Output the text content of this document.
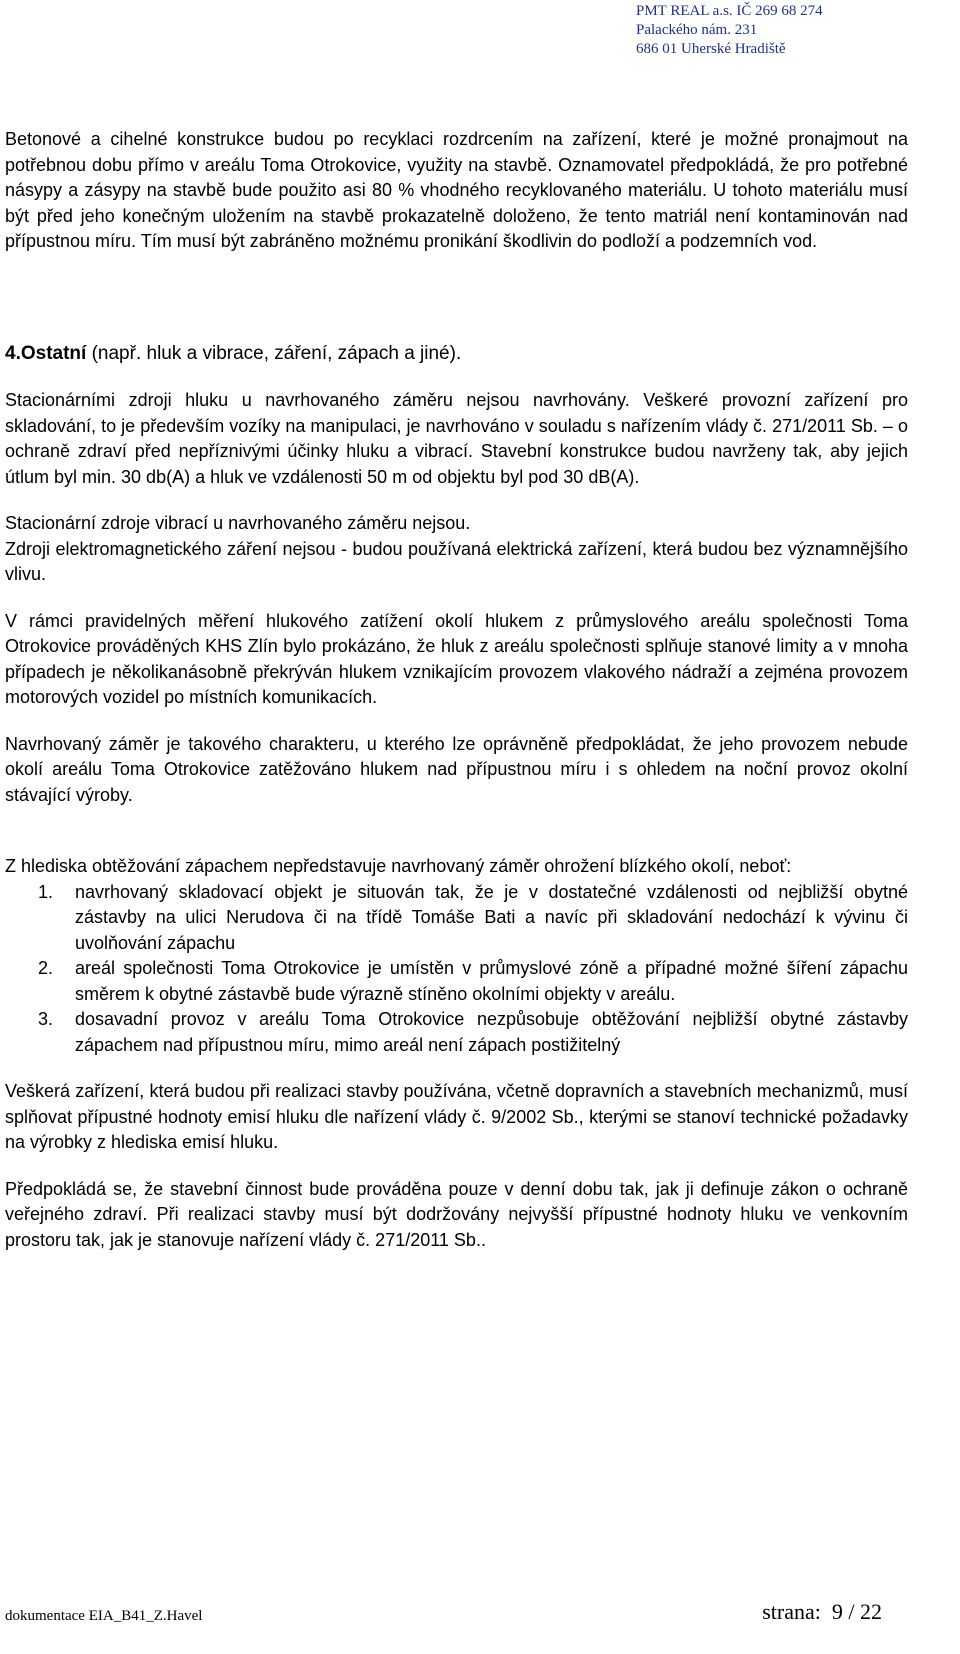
PMT REAL a.s. IČ 269 68 274
Palackého nám. 231
686 01 Uherské Hradiště

Betonové a cihelné konstrukce budou po recyklaci rozdrcením na zařízení, které je možné pronajmout na potřebnou dobu přímo v areálu Toma Otrokovice, využity na stavbě. Oznamovatel předpokládá, že pro potřebné násypy a zásypy na stavbě bude použito asi 80 % vhodného recyklovaného materiálu. U tohoto materiálu musí být před jeho konečným uložením na stavbě prokazatelně doloženo, že tento matriál není kontaminován nad přípustnou míru. Tím musí být zabráněno možnému pronikání škodlivin do podloží a podzemních vod.

4.Ostatní (např. hluk a vibrace, záření, zápach a jiné).

Stacionárními zdroji hluku u navrhovaného záměru nejsou navrhovány. Veškeré provozní zařízení pro skladování, to je především vozíky na manipulaci, je navrhováno v souladu s nařízením vlády č. 271/2011 Sb. – o ochraně zdraví před nepříznivými účinky hluku a vibrací. Stavební konstrukce budou navrženy tak, aby jejich útlum byl min. 30 db(A) a hluk ve vzdálenosti 50 m od objektu byl pod 30 dB(A).

Stacionární zdroje vibrací u navrhovaného záměru nejsou.

Zdroji elektromagnetického záření nejsou - budou používaná elektrická zařízení, která budou bez významnějšího vlivu.

V rámci pravidelných měření hlukového zatížení okolí hlukem z průmyslového areálu společnosti Toma Otrokovice prováděných KHS Zlín bylo prokázáno, že hluk z areálu společnosti splňuje stanové limity a v mnoha případech je několikanásobně překrýván hlukem vznikajícím provozem vlakového nádraží a zejména provozem motorových vozidel po místních komunikacích.

Navrhovaný záměr je takového charakteru, u kterého lze oprávněně předpokládat, že jeho provozem nebude okolí areálu Toma Otrokovice zatěžováno hlukem nad přípustnou míru i s ohledem na noční provoz okolní stávající výroby.

Z hlediska obtěžování zápachem nepředstavuje navrhovaný záměr ohrožení blízkého okolí, neboť:

1. navrhovaný skladovací objekt je situován tak, že je v dostatečné vzdálenosti od nejbližší obytné zástavby na ulici Nerudova či na třídě Tomáše Bati a navíc při skladování nedochází k vývinu či uvolňování zápachu
2. areál společnosti Toma Otrokovice je umístěn v průmyslové zóně a případné možné šíření zápachu směrem k obytné zástavbě bude výrazně stíněno okolními objekty v areálu.
3. dosavadní provoz v areálu Toma Otrokovice nezpůsobuje obtěžování nejbližší obytné zástavby zápachem nad přípustnou míru, mimo areál není zápach postižitelný

Veškerá zařízení, která budou při realizaci stavby používána, včetně dopravních a stavebních mechanizmů, musí splňovat přípustné hodnoty emisí hluku dle nařízení vlády č. 9/2002 Sb., kterými se stanoví technické požadavky na výrobky z hlediska emisí hluku.

Předpokládá se, že stavební činnost bude prováděna pouze v denní dobu tak, jak ji definuje zákon o ochraně veřejného zdraví. Při realizaci stavby musí být dodržovány nejvyšší přípustné hodnoty hluku ve venkovním prostoru tak, jak je stanovuje nařízení vlády č. 271/2011 Sb..

dokumentace EIA_B41_Z.Havel	strana:  9 / 22
